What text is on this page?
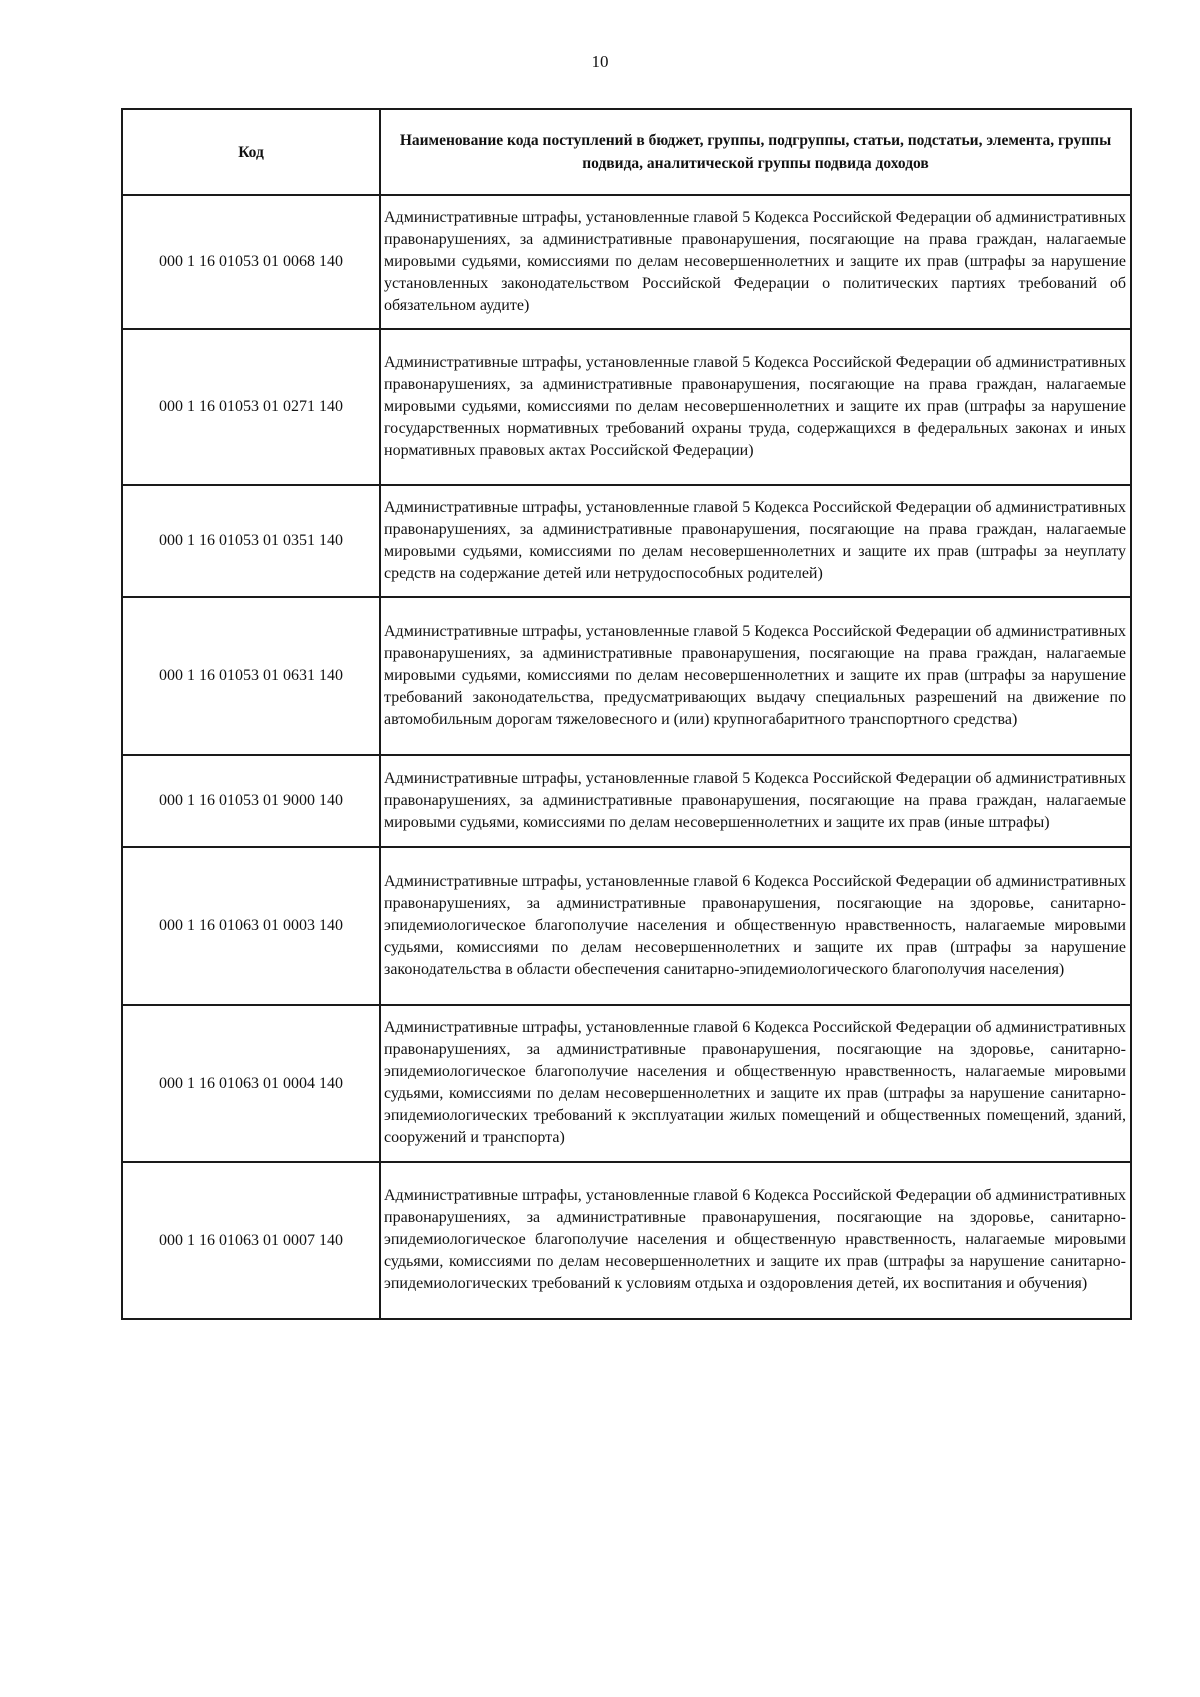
10
Код	Наименование кода поступлений в бюджет, группы, подгруппы, статьи, подстатьи, элемента, группы подвида, аналитической группы подвида доходов
000 1 16 01053 01 0068 140	Административные штрафы, установленные главой 5 Кодекса Российской Федерации об административных правонарушениях, за административные правонарушения, посягающие на права граждан, налагаемые мировыми судьями, комиссиями по делам несовершеннолетних и защите их прав (штрафы за нарушение установленных законодательством Российской Федерации о политических партиях требований об обязательном аудите)
000 1 16 01053 01 0271 140	Административные штрафы, установленные главой 5 Кодекса Российской Федерации об административных правонарушениях, за административные правонарушения, посягающие на права граждан, налагаемые мировыми судьями, комиссиями по делам несовершеннолетних и защите их прав (штрафы за нарушение государственных нормативных требований охраны труда, содержащихся в федеральных законах и иных нормативных правовых актах Российской Федерации)
000 1 16 01053 01 0351 140	Административные штрафы, установленные главой 5 Кодекса Российской Федерации об административных правонарушениях, за административные правонарушения, посягающие на права граждан, налагаемые мировыми судьями, комиссиями по делам несовершеннолетних и защите их прав (штрафы за неуплату средств на содержание детей или нетрудоспособных родителей)
000 1 16 01053 01 0631 140	Административные штрафы, установленные главой 5 Кодекса Российской Федерации об административных правонарушениях, за административные правонарушения, посягающие на права граждан, налагаемые мировыми судьями, комиссиями по делам несовершеннолетних и защите их прав (штрафы за нарушение требований законодательства, предусматривающих выдачу специальных разрешений на движение по автомобильным дорогам тяжеловесного и (или) крупногабаритного транспортного средства)
000 1 16 01053 01 9000 140	Административные штрафы, установленные главой 5 Кодекса Российской Федерации об административных правонарушениях, за административные правонарушения, посягающие на права граждан, налагаемые мировыми судьями, комиссиями по делам несовершеннолетних и защите их прав (иные штрафы)
000 1 16 01063 01 0003 140	Административные штрафы, установленные главой 6 Кодекса Российской Федерации об административных правонарушениях, за административные правонарушения, посягающие на здоровье, санитарно-эпидемиологическое благополучие населения и общественную нравственность, налагаемые мировыми судьями, комиссиями по делам несовершеннолетних и защите их прав (штрафы за нарушение законодательства в области обеспечения санитарно-эпидемиологического благополучия населения)
000 1 16 01063 01 0004 140	Административные штрафы, установленные главой 6 Кодекса Российской Федерации об административных правонарушениях, за административные правонарушения, посягающие на здоровье, санитарно-эпидемиологическое благополучие населения и общественную нравственность, налагаемые мировыми судьями, комиссиями по делам несовершеннолетних и защите их прав (штрафы за нарушение санитарно-эпидемиологических требований к эксплуатации жилых помещений и общественных помещений, зданий, сооружений и транспорта)
000 1 16 01063 01 0007 140	Административные штрафы, установленные главой 6 Кодекса Российской Федерации об административных правонарушениях, за административные правонарушения, посягающие на здоровье, санитарно-эпидемиологическое благополучие населения и общественную нравственность, налагаемые мировыми судьями, комиссиями по делам несовершеннолетних и защите их прав (штрафы за нарушение санитарно-эпидемиологических требований к условиям отдыха и оздоровления детей, их воспитания и обучения)
